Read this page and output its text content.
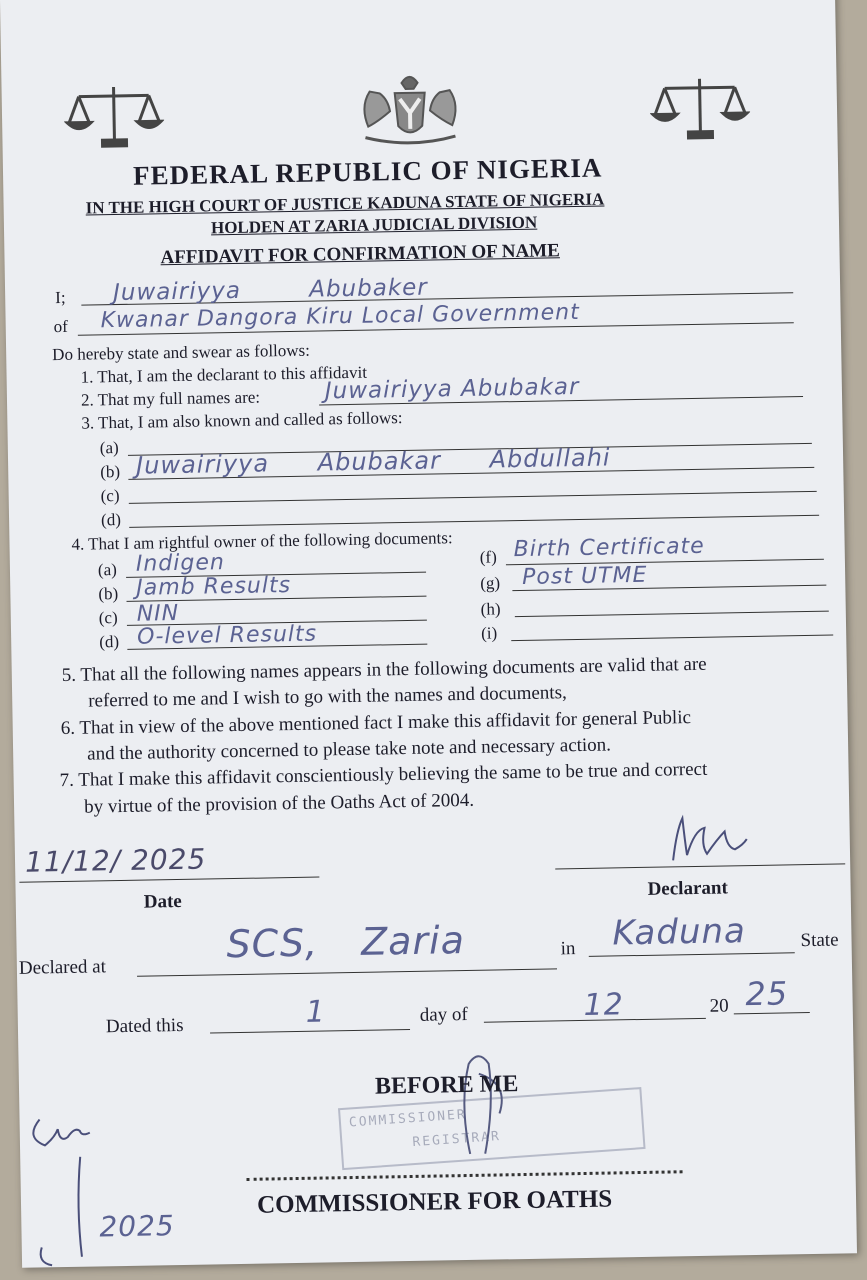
FEDERAL REPUBLIC OF NIGERIA
IN THE HIGH COURT OF JUSTICE KADUNA STATE OF NIGERIA
HOLDEN AT ZARIA JUDICIAL DIVISION
AFFIDAVIT FOR CONFIRMATION OF NAME
I; Juwairiyya Abubaker
of Kwanar Dangora Kiru Local Government
Do hereby state and swear as follows:
1. That, I am the declarant to this affidavit
2. That my full names are:	Juwairiyya Abubakar
3. That, I am also known and called as follows:
(a)
(b) Juwairiyya Abubakar Abdullahi
(c)
(d)
4. That I am rightful owner of the following documents:
(a) Indigen
(b) Jamb Results
(c) NIN
(d) O-level Results
(f) Birth Certificate
(g) Post UTME
(h)
(i)
5. That all the following names appears in the following documents are valid that are
referred to me and I wish to go with the names and documents,
6. That in view of the above mentioned fact I make this affidavit for general Public
and the authority concerned to please take note and necessary action.
7. That I make this affidavit conscientiously believing the same to be true and correct
by virtue of the provision of the Oaths Act of 2004.
11/12/ 2025
Date
Declarant
Declared at
SCS, Zaria	in Kaduna	State
Dated this	1	day of	12	20 25
COMMISSIONER
REGISTRAR
BEFORE ME
COMMISSIONER FOR OATHS
2025
